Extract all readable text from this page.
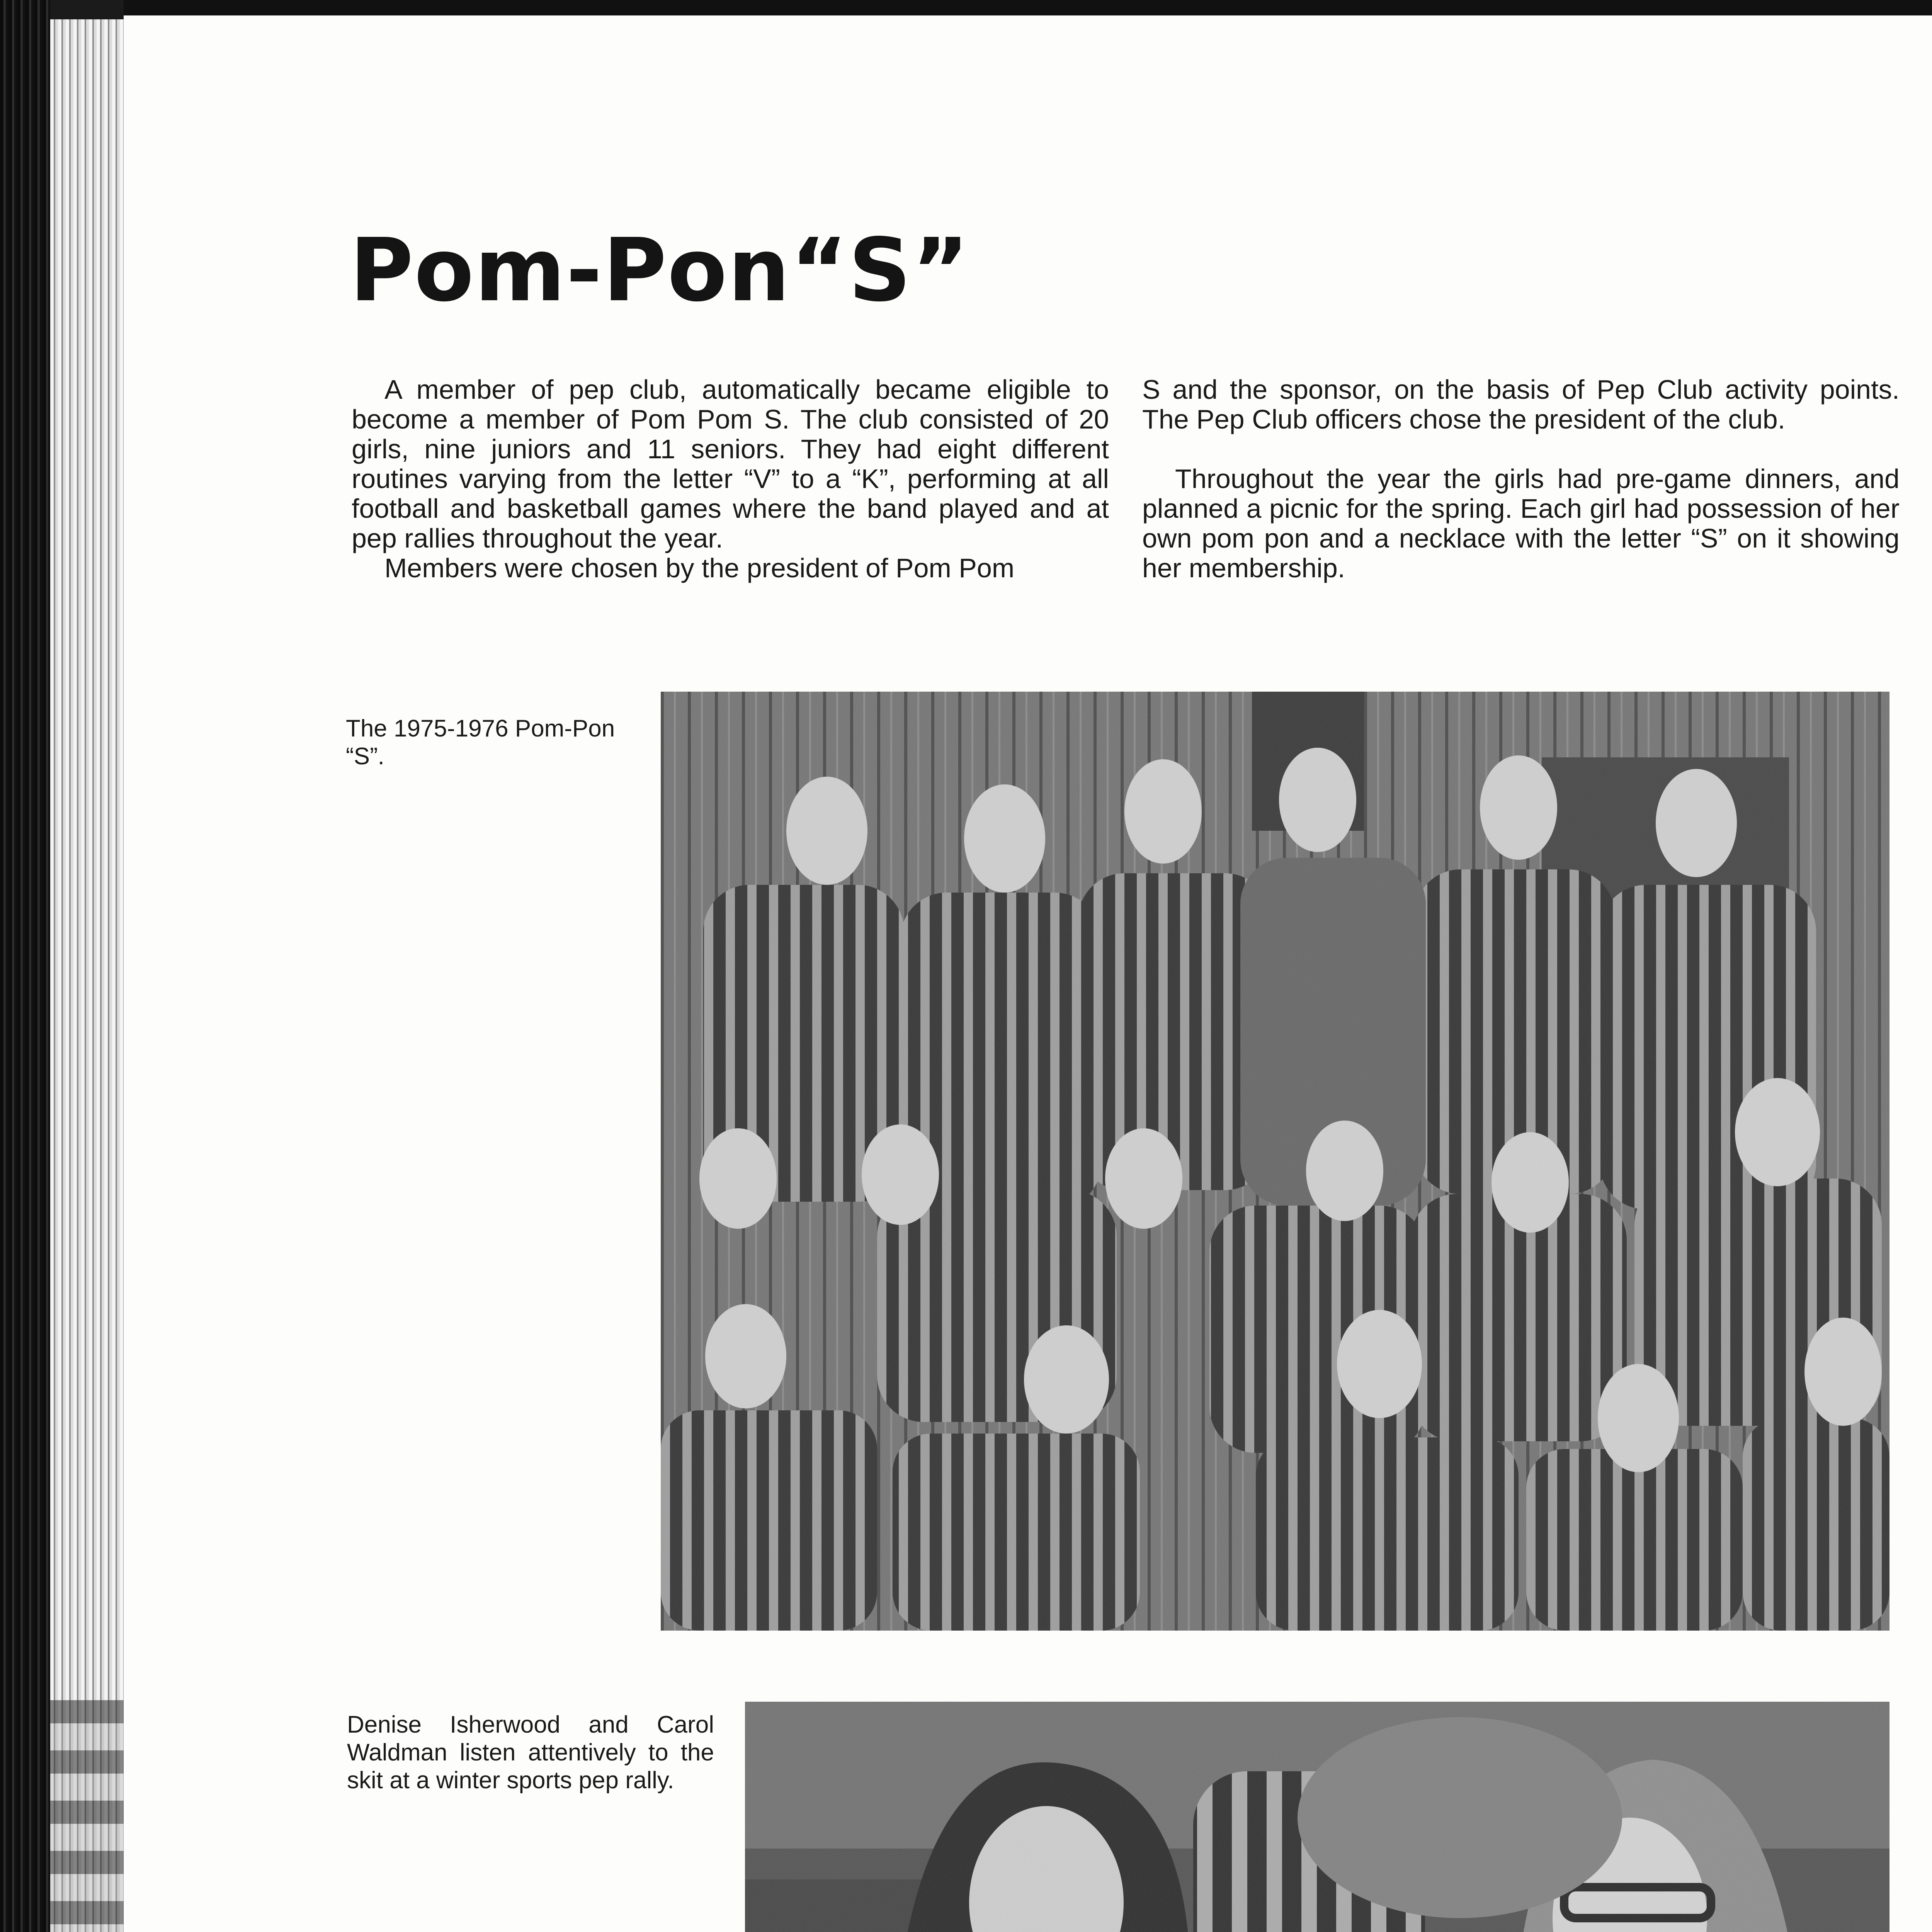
Pom-Pon“S”

A member of pep club, automatically became eligible to become a member of Pom Pom S. The club consisted of 20 girls, nine juniors and 11 seniors. They had eight different routines varying from the letter “V” to a “K”, performing at all football and basketball games where the band played and at pep rallies throughout the year.

Members were chosen by the president of Pom Pom

S and the sponsor, on the basis of Pep Club activity points. The Pep Club officers chose the president of the club.

Throughout the year the girls had pre-game dinners, and planned a picnic for the spring. Each girl had possession of her own pom pon and a necklace with the letter “S” on it showing her membership.

The 1975-1976 Pom-Pon “S”.

Denise Isherwood and Carol Waldman listen attentively to the skit at a winter sports pep rally.
